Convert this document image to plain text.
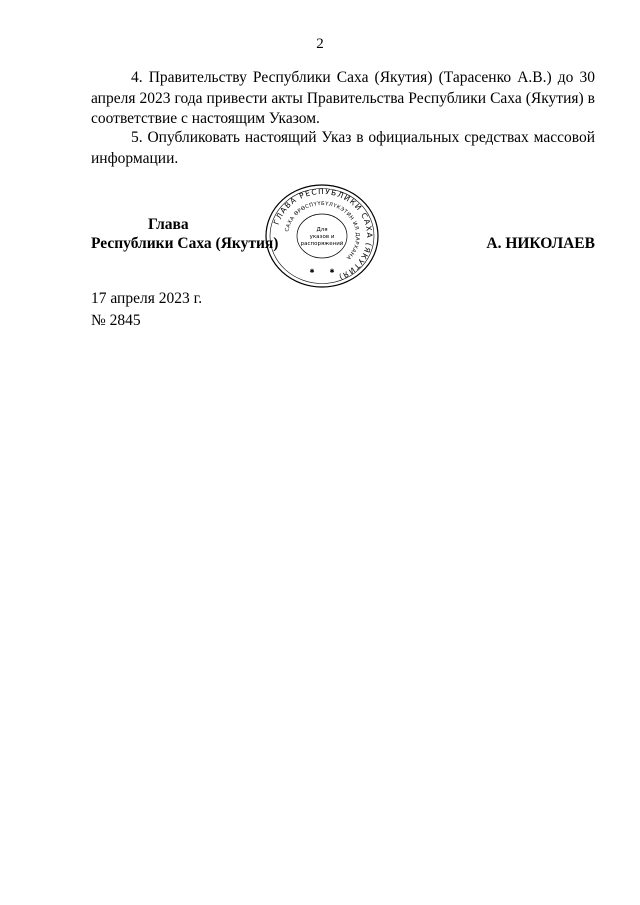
2

4. Правительству Республики Саха (Якутия) (Тарасенко А.В.) до 30 апреля 2023 года привести акты Правительства Республики Саха (Якутия) в соответствие с настоящим Указом.

5. Опубликовать настоящий Указ в официальных средствах массовой информации.

Глава
Республики Саха (Якутия)	А. НИКОЛАЕВ
ГЛАВА РЕСПУБЛИКИ САХА (ЯКУТИЯ)
САХА ӨРӨСПҮҮБҮЛҮКЭТИН ИЛ ДАРХАНА
Для
указов и
распоряжений
✱ ✱
17 апреля 2023 г.
№ 2845
